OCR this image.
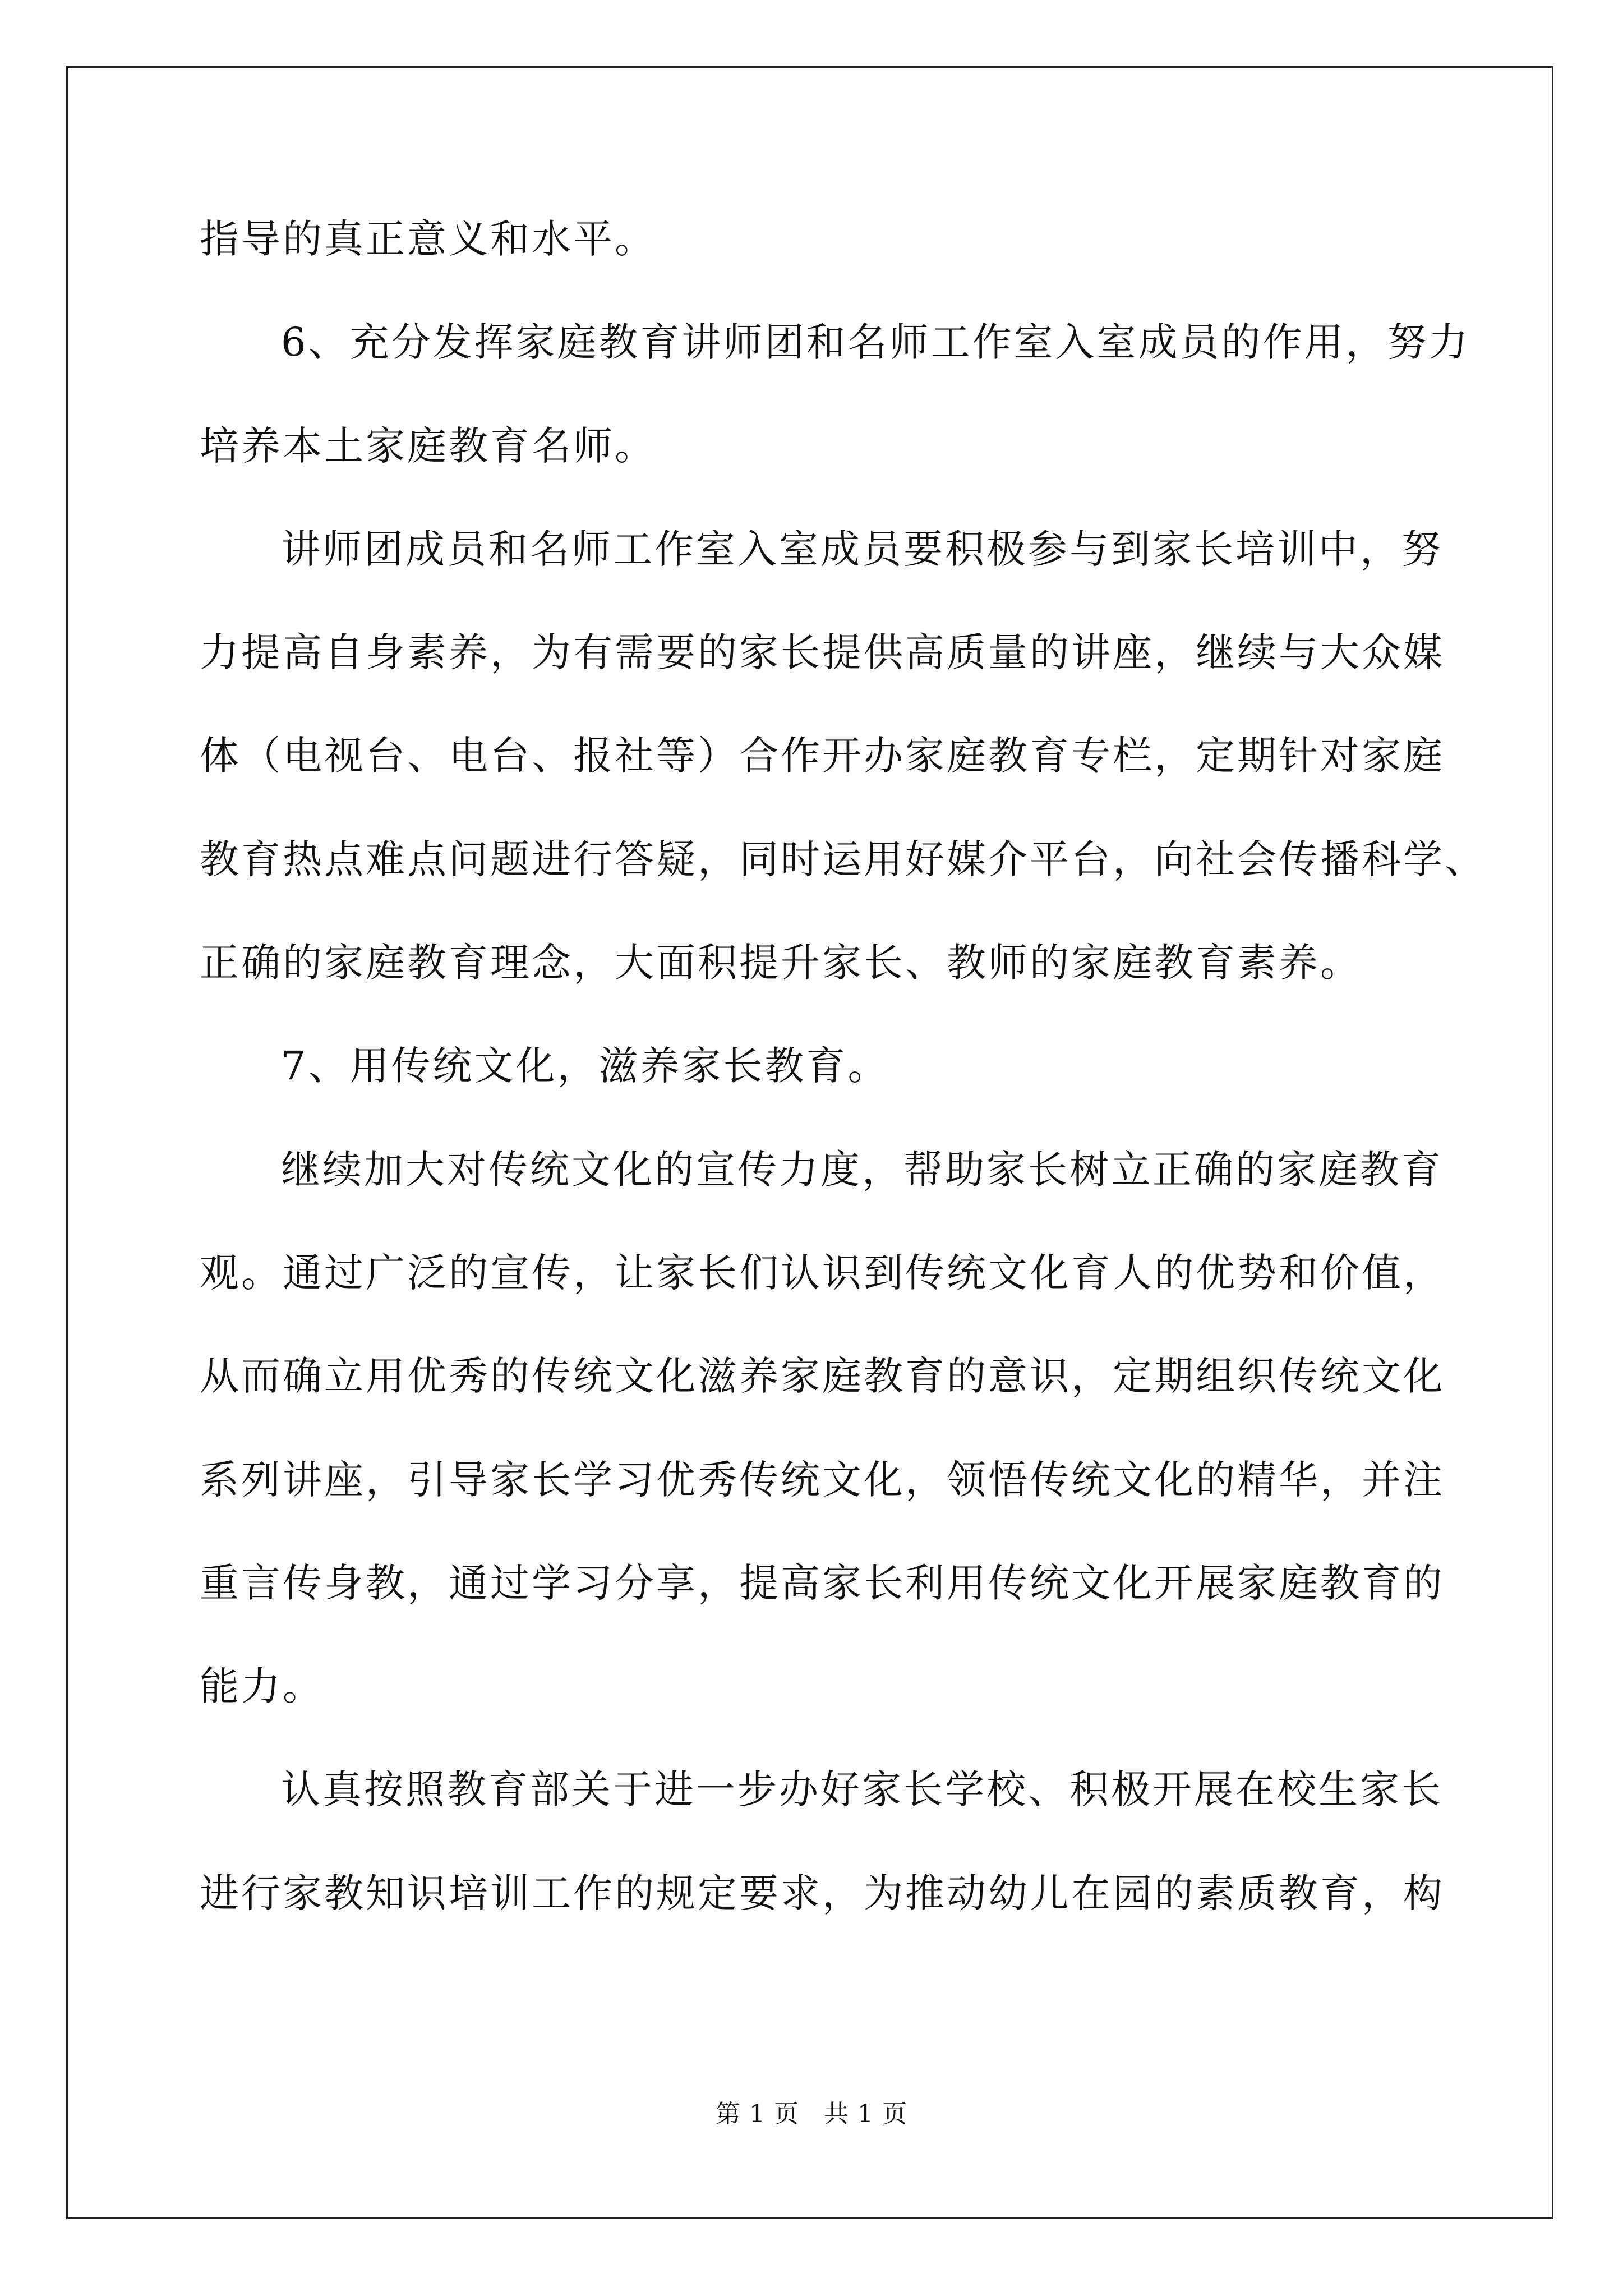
指导的真正意义和水平。
6、充分发挥家庭教育讲师团和名师工作室入室成员的作用，努力
培养本土家庭教育名师。
讲师团成员和名师工作室入室成员要积极参与到家长培训中，努
力提高自身素养，为有需要的家长提供高质量的讲座，继续与大众媒
体（电视台、电台、报社等）合作开办家庭教育专栏，定期针对家庭
教育热点难点问题进行答疑，同时运用好媒介平台，向社会传播科学、
正确的家庭教育理念，大面积提升家长、教师的家庭教育素养。
7、用传统文化，滋养家长教育。
继续加大对传统文化的宣传力度，帮助家长树立正确的家庭教育
观。通过广泛的宣传，让家长们认识到传统文化育人的优势和价值，
从而确立用优秀的传统文化滋养家庭教育的意识，定期组织传统文化
系列讲座，引导家长学习优秀传统文化，领悟传统文化的精华，并注
重言传身教，通过学习分享，提高家长利用传统文化开展家庭教育的
能力。
认真按照教育部关于进一步办好家长学校、积极开展在校生家长
进行家教知识培训工作的规定要求，为推动幼儿在园的素质教育，构
第 1 页 共 1 页
